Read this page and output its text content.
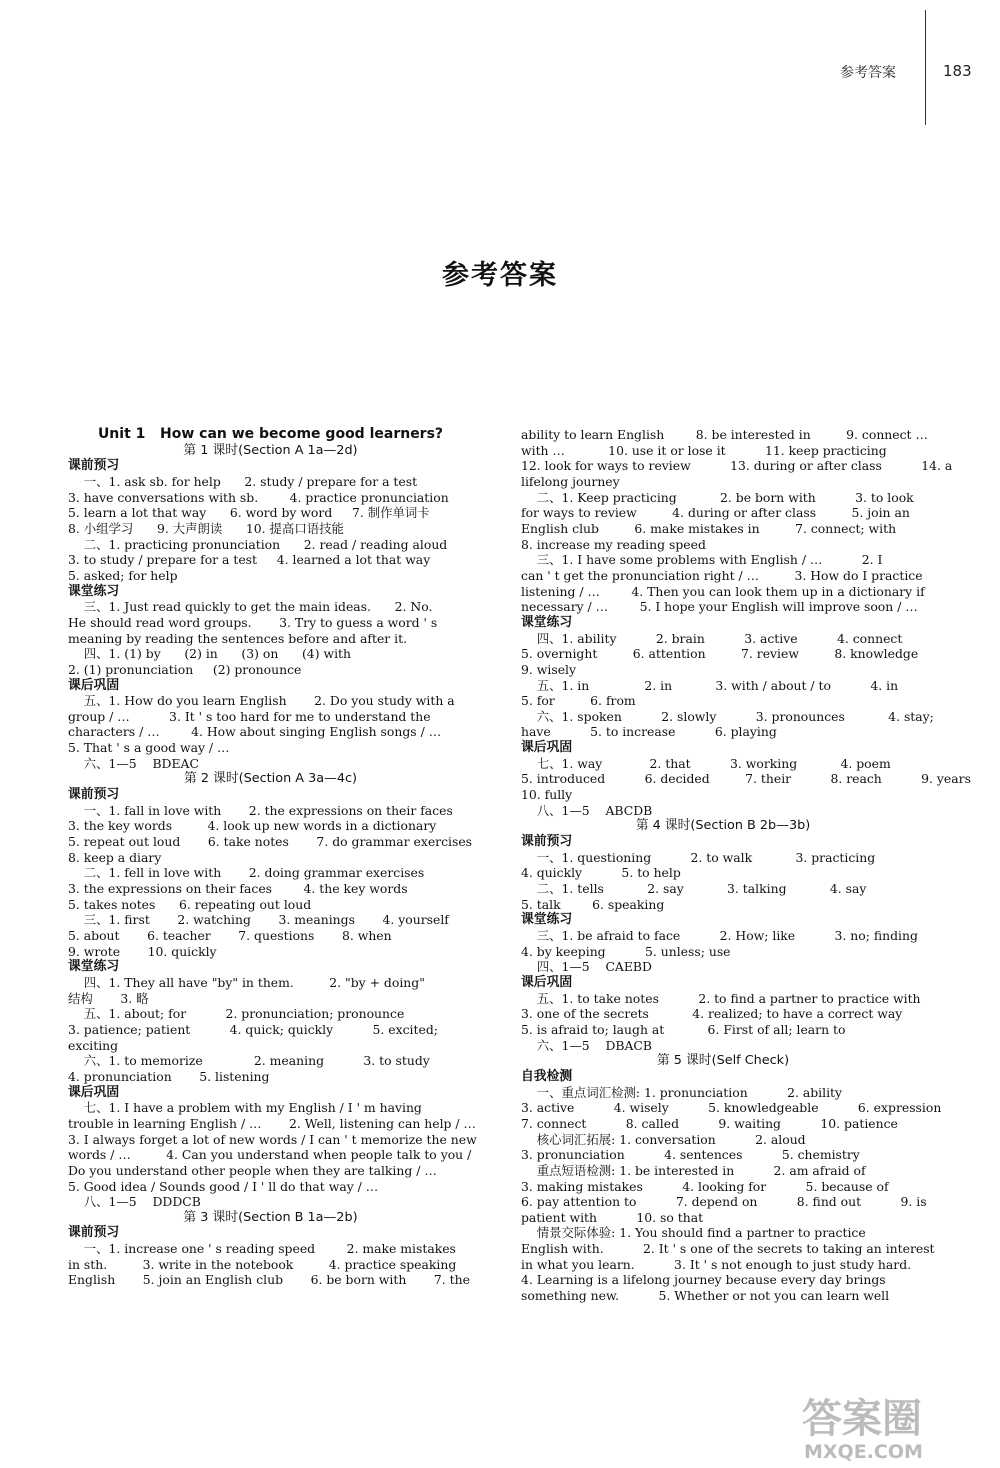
参考答案	183
参考答案
Unit 1   How can we become good learners?
第 1 课时(Section A 1a—2d)
课前预习
一、1. ask sb. for help      2. study / prepare for a test
3. have conversations with sb.        4. practice pronunciation
5. learn a lot that way      6. word by word     7. 制作单词卡
8. 小组学习      9. 大声朗读      10. 提高口语技能
二、1. practicing pronunciation      2. read / reading aloud
3. to study / prepare for a test     4. learned a lot that way
5. asked; for help
课堂练习
三、1. Just read quickly to get the main ideas.      2. No.
He should read word groups.       3. Try to guess a word ' s
meaning by reading the sentences before and after it.
四、1. (1) by      (2) in      (3) on      (4) with
2. (1) pronunciation     (2) pronounce
课后巩固
五、1. How do you learn English       2. Do you study with a
group / …          3. It ' s too hard for me to understand the
characters / …        4. How about singing English songs / …
5. That ' s a good way / …
六、1—5    BDEAC
第 2 课时(Section A 3a—4c)
课前预习
一、1. fall in love with       2. the expressions on their faces
3. the key words         4. look up new words in a dictionary
5. repeat out loud       6. take notes       7. do grammar exercises
8. keep a diary
二、1. fell in love with       2. doing grammar exercises
3. the expressions on their faces        4. the key words
5. takes notes      6. repeating out loud
三、1. first       2. watching       3. meanings       4. yourself
5. about       6. teacher       7. questions       8. when
9. wrote       10. quickly
课堂练习
四、1. They all have "by" in them.         2. "by + doing"
结构       3. 略
五、1. about; for          2. pronunciation; pronounce
3. patience; patient          4. quick; quickly          5. excited;
exciting
六、1. to memorize             2. meaning          3. to study
4. pronunciation       5. listening
课后巩固
七、1. I have a problem with my English / I ' m having
trouble in learning English / …       2. Well, listening can help / …
3. I always forget a lot of new words / I can ' t memorize the new
words / …         4. Can you understand when people talk to you /
Do you understand other people when they are talking / …
5. Good idea / Sounds good / I ' ll do that way / …
八、1—5    DDDCB
第 3 课时(Section B 1a—2b)
课前预习
一、1. increase one ' s reading speed        2. make mistakes
in sth.         3. write in the notebook         4. practice speaking
English       5. join an English club       6. be born with       7. the
ability to learn English        8. be interested in         9. connect …
with …           10. use it or lose it          11. keep practicing
12. look for ways to review          13. during or after class          14. a
lifelong journey
二、1. Keep practicing           2. be born with          3. to look
for ways to review         4. during or after class         5. join an
English club         6. make mistakes in         7. connect; with
8. increase my reading speed
三、1. I have some problems with English / …          2. I
can ' t get the pronunciation right / …         3. How do I practice
listening / …        4. Then you can look them up in a dictionary if
necessary / …        5. I hope your English will improve soon / …
课堂练习
四、1. ability          2. brain          3. active          4. connect
5. overnight         6. attention         7. review         8. knowledge
9. wisely
五、1. in              2. in           3. with / about / to          4. in
5. for         6. from
六、1. spoken          2. slowly          3. pronounces           4. stay;
have          5. to increase          6. playing
课后巩固
七、1. way            2. that          3. working           4. poem
5. introduced          6. decided         7. their          8. reach          9. years
10. fully
八、1—5    ABCDB
第 4 课时(Section B 2b—3b)
课前预习
一、1. questioning          2. to walk           3. practicing
4. quickly          5. to help
二、1. tells           2. say           3. talking           4. say
5. talk        6. speaking
课堂练习
三、1. be afraid to face          2. How; like          3. no; finding
4. by keeping          5. unless; use
四、1—5    CAEBD
课后巩固
五、1. to take notes          2. to find a partner to practice with
3. one of the secrets           4. realized; to have a correct way
5. is afraid to; laugh at           6. First of all; learn to
六、1—5    DBACB
第 5 课时(Self Check)
自我检测
一、重点词汇检测: 1. pronunciation          2. ability
3. active          4. wisely          5. knowledgeable          6. expression
7. connect          8. called          9. waiting          10. patience
核心词汇拓展: 1. conversation          2. aloud
3. pronunciation          4. sentences          5. chemistry
重点短语检测: 1. be interested in          2. am afraid of
3. making mistakes          4. looking for          5. because of
6. pay attention to          7. depend on          8. find out          9. is
patient with          10. so that
情景交际体验: 1. You should find a partner to practice
English with.          2. It ' s one of the secrets to taking an interest
in what you learn.          3. It ' s not enough to just study hard.
4. Learning is a lifelong journey because every day brings
something new.          5. Whether or not you can learn well
答案圈
MXQE.COM
